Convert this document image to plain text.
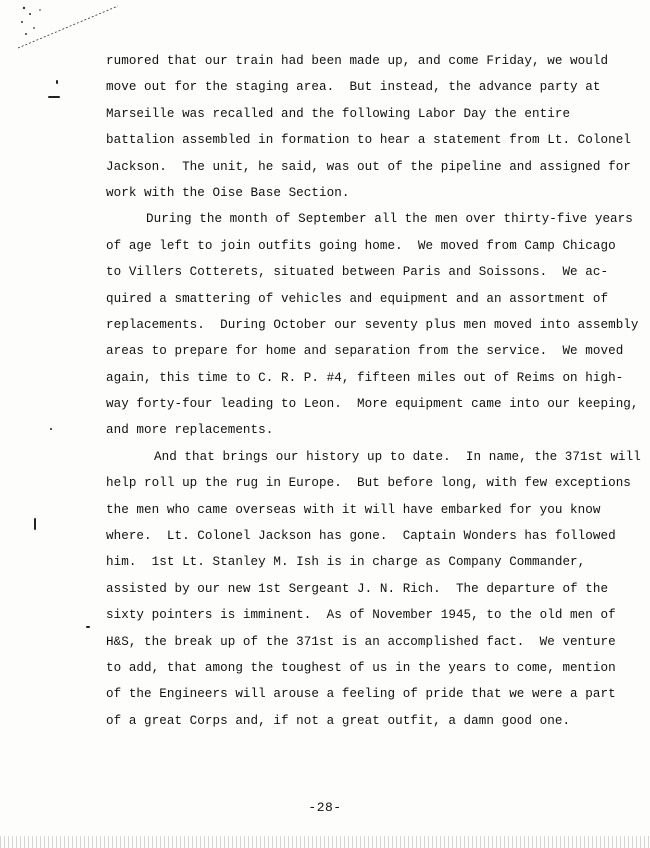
rumored that our train had been made up, and come Friday, we would
move out for the staging area.  But instead, the advance party at
Marseille was recalled and the following Labor Day the entire
battalion assembled in formation to hear a statement from Lt. Colonel
Jackson.  The unit, he said, was out of the pipeline and assigned for
work with the Oise Base Section.
During the month of September all the men over thirty-five years
of age left to join outfits going home.  We moved from Camp Chicago
to Villers Cotterets, situated between Paris and Soissons.  We ac-
quired a smattering of vehicles and equipment and an assortment of
replacements.  During October our seventy plus men moved into assembly
areas to prepare for home and separation from the service.  We moved
again, this time to C. R. P. #4, fifteen miles out of Reims on high-
way forty-four leading to Leon.  More equipment came into our keeping,
and more replacements.
And that brings our history up to date.  In name, the 371st will
help roll up the rug in Europe.  But before long, with few exceptions
the men who came overseas with it will have embarked for you know
where.  Lt. Colonel Jackson has gone.  Captain Wonders has followed
him.  1st Lt. Stanley M. Ish is in charge as Company Commander,
assisted by our new 1st Sergeant J. N. Rich.  The departure of the
sixty pointers is imminent.  As of November 1945, to the old men of
H&S, the break up of the 371st is an accomplished fact.  We venture
to add, that among the toughest of us in the years to come, mention
of the Engineers will arouse a feeling of pride that we were a part
of a great Corps and, if not a great outfit, a damn good one.
-28-
